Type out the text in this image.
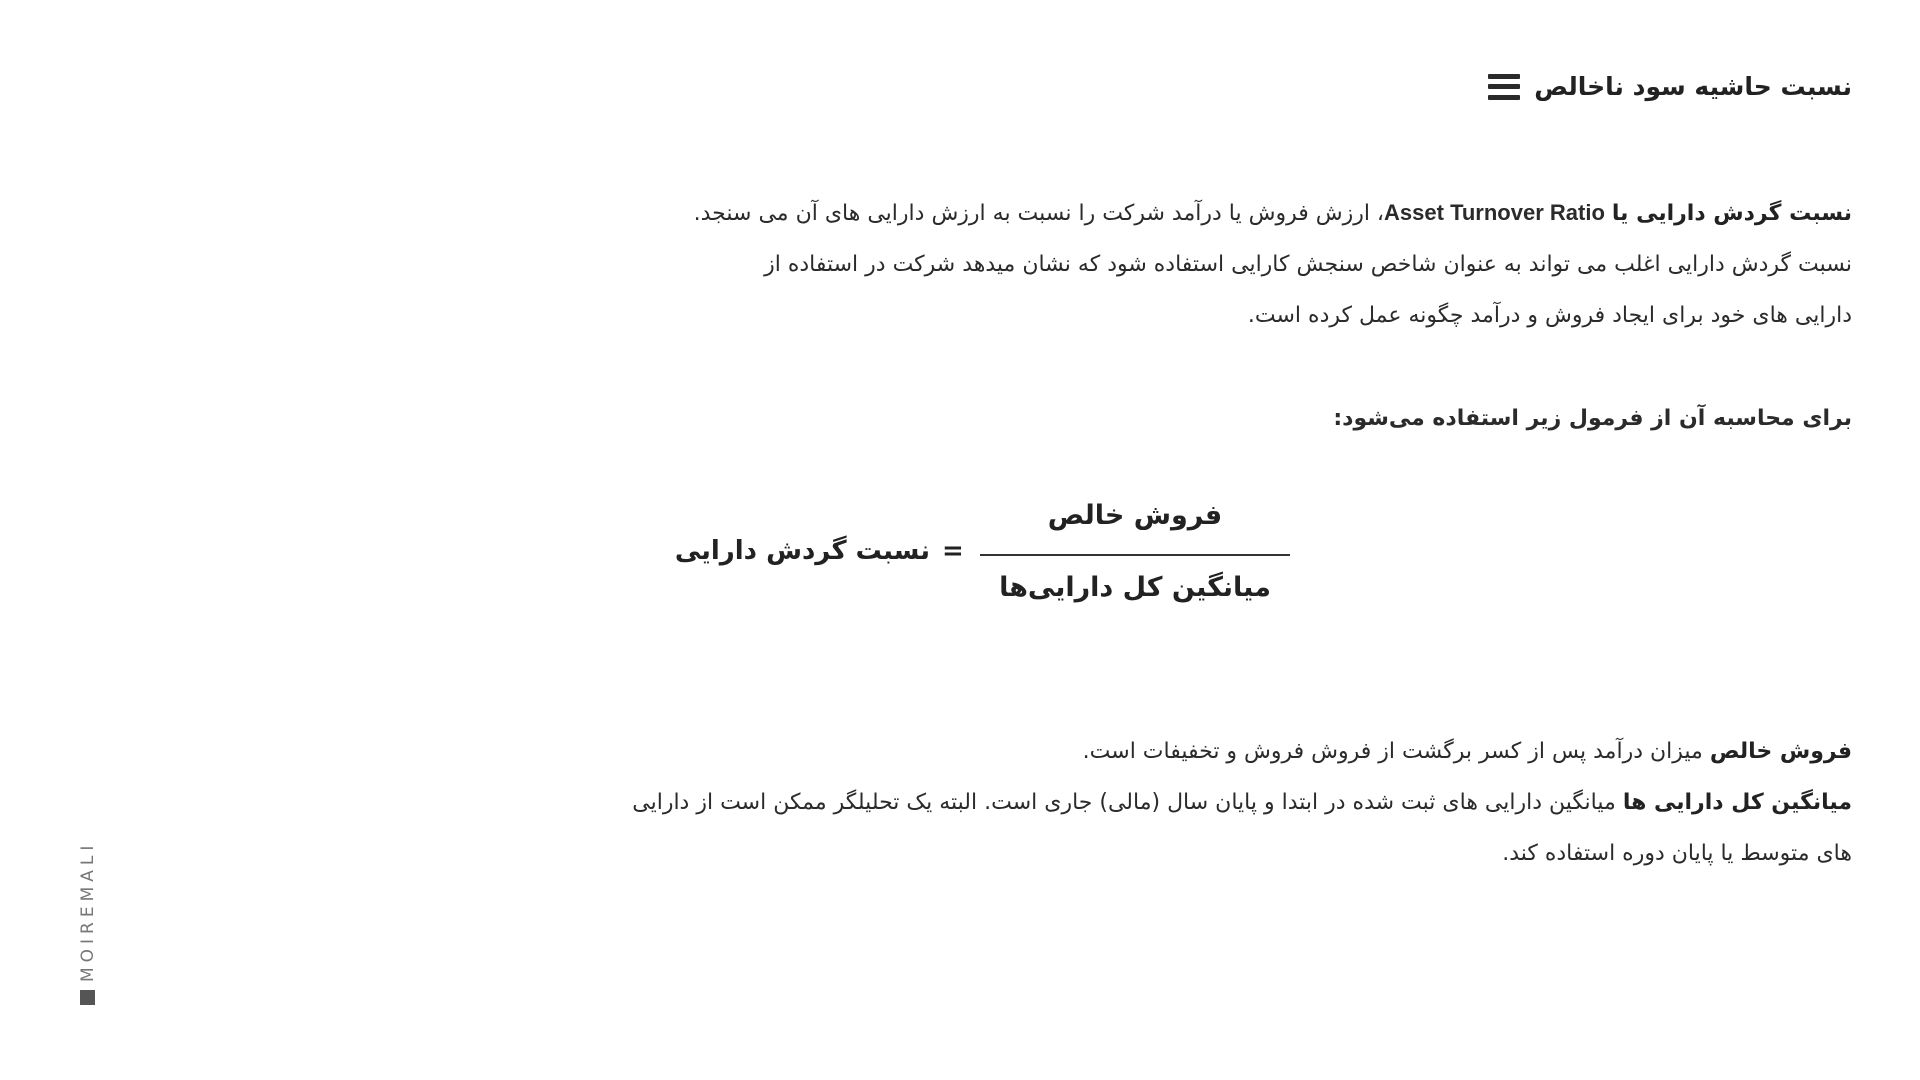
نسبت حاشیه سود ناخالص
نسبت گردش دارایی یا Asset Turnover Ratio، ارزش فروش یا درآمد شرکت را نسبت به ارزش دارایی های آن می سنجد.
نسبت گردش دارایی اغلب می تواند به عنوان شاخص سنجش کارایی استفاده شود که نشان میدهد شرکت در استفاده از
دارایی های خود برای ایجاد فروش و درآمد چگونه عمل کرده است.
برای محاسبه آن از فرمول زیر استفاده می‌شود:
نسبت گردش دارایی =
فروش خالص
میانگین کل دارایی‌ها
فروش خالص میزان درآمد پس از کسر برگشت از فروش فروش و تخفیفات است.
میانگین کل دارایی ها میانگین دارایی های ثبت شده در ابتدا و پایان سال (مالی) جاری است. البته یک تحلیلگر ممکن است از دارایی
های متوسط یا پایان دوره استفاده کند.
MOIREMALI
